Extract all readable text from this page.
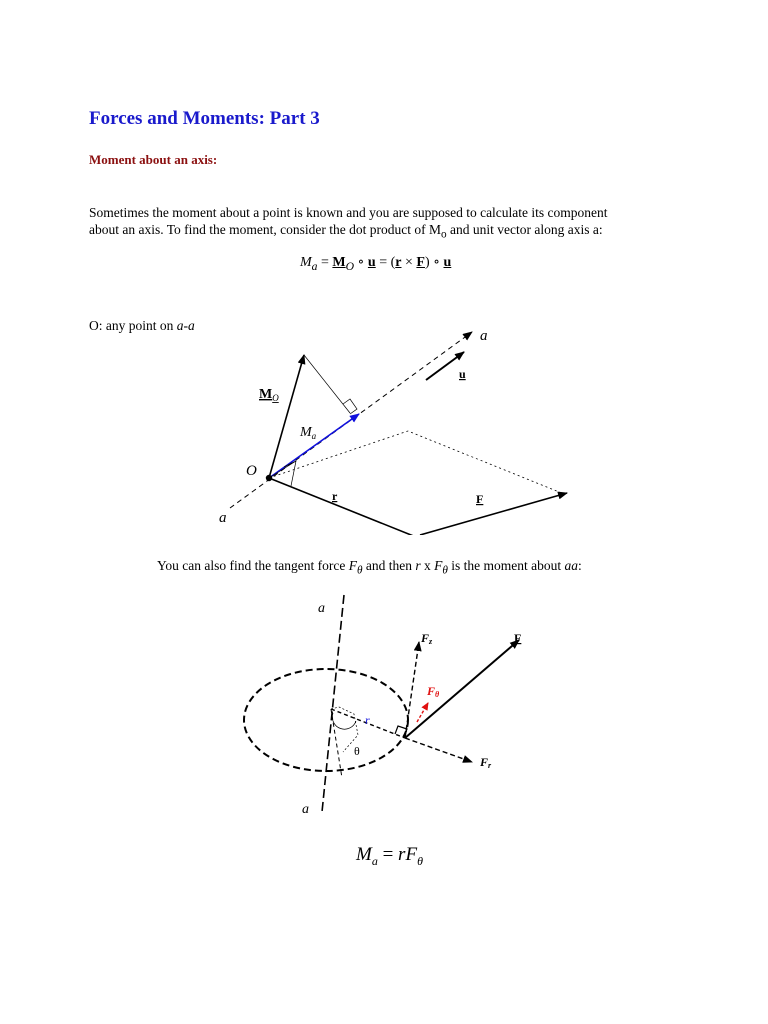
Forces and Moments: Part 3
Moment about an axis:
Sometimes the moment about a point is known and you are supposed to calculate its component
about an axis. To find the moment, consider the dot product of $M_o$ and unit vector along axis a:
$M_a = M_O$ ∘ u = (r × F) ∘ u
O: any point on a-a
a
u
$M_O$
$M_a$
O
r	F
a
You can also find the tangent force $F_\theta$ and then r x $F_\theta$ is the moment about aa:
a
Fz	F
Fθ
r
θ
Fr
a
$M_a = rF_\theta$
